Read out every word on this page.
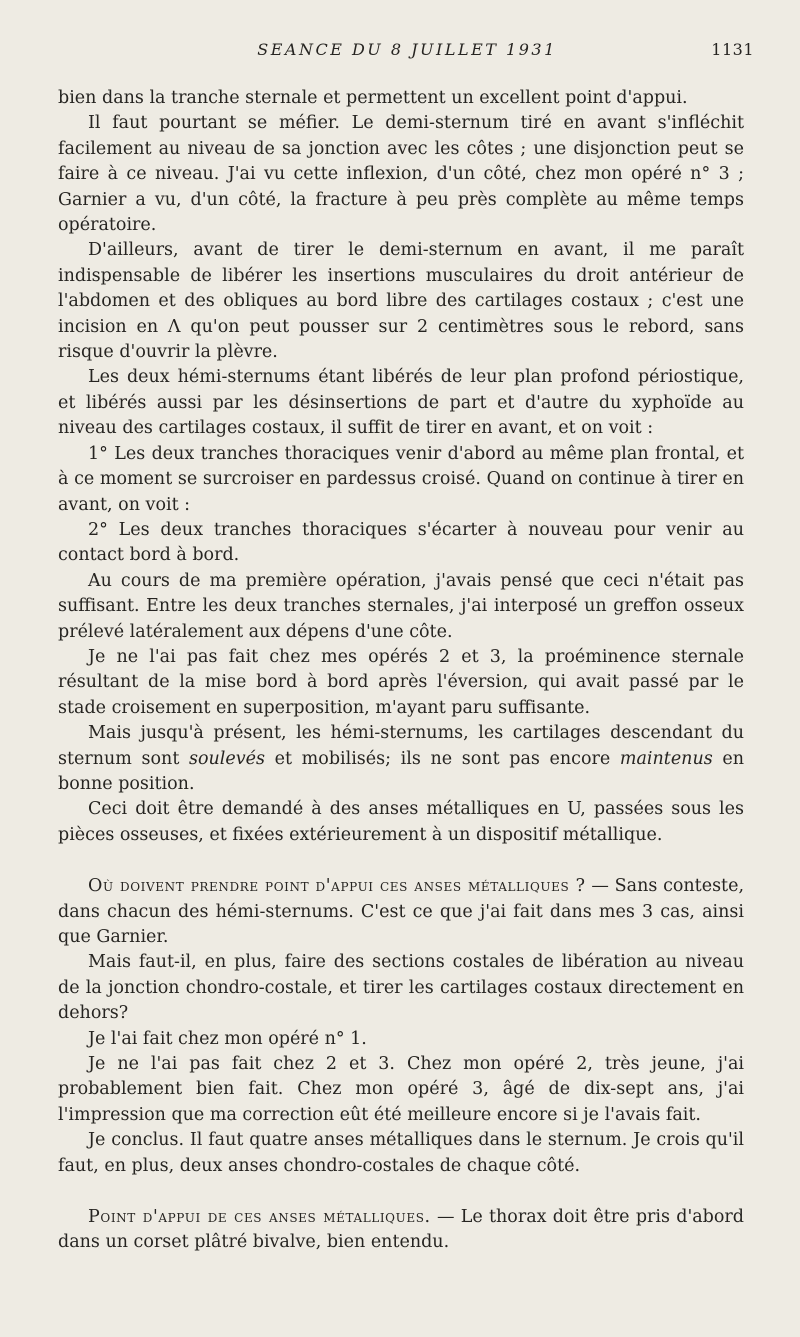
SEANCE DU 8 JUILLET 1931	1131

bien dans la tranche sternale et permettent un excellent point d'appui.

Il faut pourtant se méfier. Le demi-sternum tiré en avant s'infléchit facilement au niveau de sa jonction avec les côtes ; une disjonction peut se faire à ce niveau. J'ai vu cette inflexion, d'un côté, chez mon opéré n° 3 ; Garnier a vu, d'un côté, la fracture à peu près complète au même temps opératoire.

D'ailleurs, avant de tirer le demi-sternum en avant, il me paraît indispensable de libérer les insertions musculaires du droit antérieur de l'abdomen et des obliques au bord libre des cartilages costaux ; c'est une incision en Λ qu'on peut pousser sur 2 centimètres sous le rebord, sans risque d'ouvrir la plèvre.

Les deux hémi-sternums étant libérés de leur plan profond périostique, et libérés aussi par les désinsertions de part et d'autre du xyphoïde au niveau des cartilages costaux, il suffit de tirer en avant, et on voit :

1° Les deux tranches thoraciques venir d'abord au même plan frontal, et à ce moment se surcroiser en pardessus croisé. Quand on continue à tirer en avant, on voit :

2° Les deux tranches thoraciques s'écarter à nouveau pour venir au contact bord à bord.

Au cours de ma première opération, j'avais pensé que ceci n'était pas suffisant. Entre les deux tranches sternales, j'ai interposé un greffon osseux prélevé latéralement aux dépens d'une côte.

Je ne l'ai pas fait chez mes opérés 2 et 3, la proéminence sternale résultant de la mise bord à bord après l'éversion, qui avait passé par le stade croisement en superposition, m'ayant paru suffisante.

Mais jusqu'à présent, les hémi-sternums, les cartilages descendant du sternum sont soulevés et mobilisés; ils ne sont pas encore maintenus en bonne position.

Ceci doit être demandé à des anses métalliques en U, passées sous les pièces osseuses, et fixées extérieurement à un dispositif métallique.

Où doivent prendre point d'appui ces anses métalliques ? — Sans conteste, dans chacun des hémi-sternums. C'est ce que j'ai fait dans mes 3 cas, ainsi que Garnier.

Mais faut-il, en plus, faire des sections costales de libération au niveau de la jonction chondro-costale, et tirer les cartilages costaux directement en dehors?

Je l'ai fait chez mon opéré n° 1.

Je ne l'ai pas fait chez 2 et 3. Chez mon opéré 2, très jeune, j'ai probablement bien fait. Chez mon opéré 3, âgé de dix-sept ans, j'ai l'impression que ma correction eût été meilleure encore si je l'avais fait.

Je conclus. Il faut quatre anses métalliques dans le sternum. Je crois qu'il faut, en plus, deux anses chondro-costales de chaque côté.

Point d'appui de ces anses métalliques. — Le thorax doit être pris d'abord dans un corset plâtré bivalve, bien entendu.
